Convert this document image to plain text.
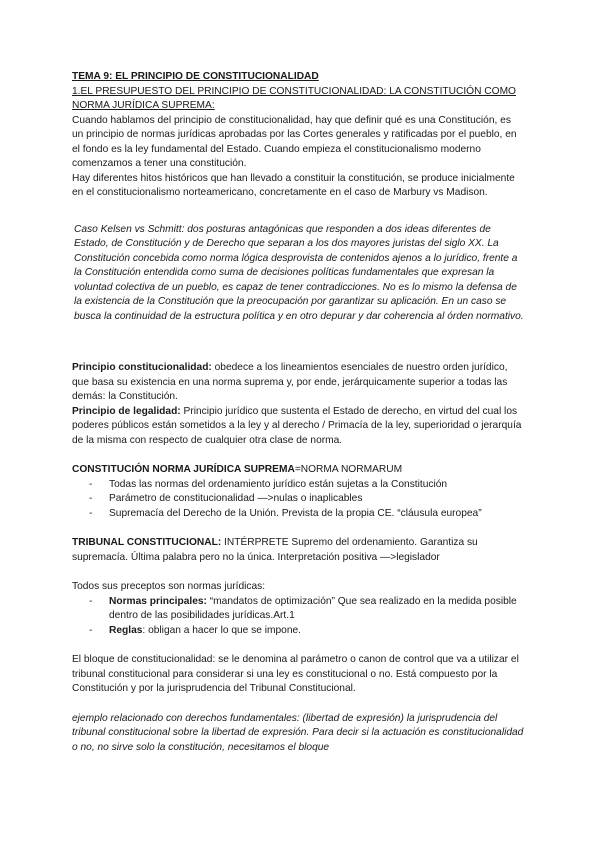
TEMA 9: EL PRINCIPIO DE CONSTITUCIONALIDAD

1.EL PRESUPUESTO DEL PRINCIPIO DE CONSTITUCIONALIDAD: LA CONSTITUCIÓN COMO NORMA JURÍDICA SUPREMA:

Cuando hablamos del principio de constitucionalidad, hay que definir qué es una Constitución, es un principio de normas jurídicas aprobadas por las Cortes generales y ratificadas por el pueblo, en el fondo es la ley fundamental del Estado. Cuando empieza el constitucionalismo moderno comenzamos a tener una constitución.

Hay diferentes hitos históricos que han llevado a constituir la constitución, se produce inicialmente en el constitucionalismo norteamericano, concretamente en el caso de Marbury vs Madison.

Caso Kelsen vs Schmitt: dos posturas antagónicas que responden a dos ideas diferentes de Estado, de Constitución y de Derecho que separan a los dos mayores juristas del siglo XX. La Constitución concebida como norma lógica desprovista de contenidos ajenos a lo jurídico, frente a la Constitución entendida como suma de decisiones políticas fundamentales que expresan la voluntad colectiva de un pueblo, es capaz de tener contradicciones. No es lo mismo la defensa de la existencia de la Constitución que la preocupación por garantizar su aplicación. En un caso se busca la continuidad de la estructura política y en otro depurar y dar coherencia al órden normativo.

Principio constitucionalidad: obedece a los lineamientos esenciales de nuestro orden jurídico, que basa su existencia en una norma suprema y, por ende, jerárquicamente superior a todas las demás: la Constitución.

Principio de legalidad: Principio jurídico que sustenta el Estado de derecho, en virtud del cual los poderes públicos están sometidos a la ley y al derecho / Primacía de la ley, superioridad o jerarquía de la misma con respecto de cualquier otra clase de norma.

CONSTITUCIÓN NORMA JURÍDICA SUPREMA=NORMA NORMARUM

- Todas las normas del ordenamiento jurídico están sujetas a la Constitución
- Parámetro de constitucionalidad —>nulas o inaplicables
- Supremacía del Derecho de la Unión. Prevista de la propia CE. “cláusula europea”

TRIBUNAL CONSTITUCIONAL: INTÉRPRETE Supremo del ordenamiento. Garantiza su supremacía. Última palabra pero no la única. Interpretación positiva —>legislador

Todos sus preceptos son normas jurídicas:

- Normas principales: “mandatos de optimización” Que sea realizado en la medida posible dentro de las posibilidades jurídicas.Art.1
- Reglas: obligan a hacer lo que se impone.

El bloque de constitucionalidad: se le denomina al parámetro o canon de control que va a utilizar el tribunal constitucional para considerar si una ley es constitucional o no. Está compuesto por la Constitución y por la jurisprudencia del Tribunal Constitucional.

ejemplo relacionado con derechos fundamentales: (libertad de expresión) la jurisprudencia del tribunal constitucional sobre la libertad de expresión. Para decir si la actuación es constitucionalidad o no, no sirve solo la constitución, necesitamos el bloque
